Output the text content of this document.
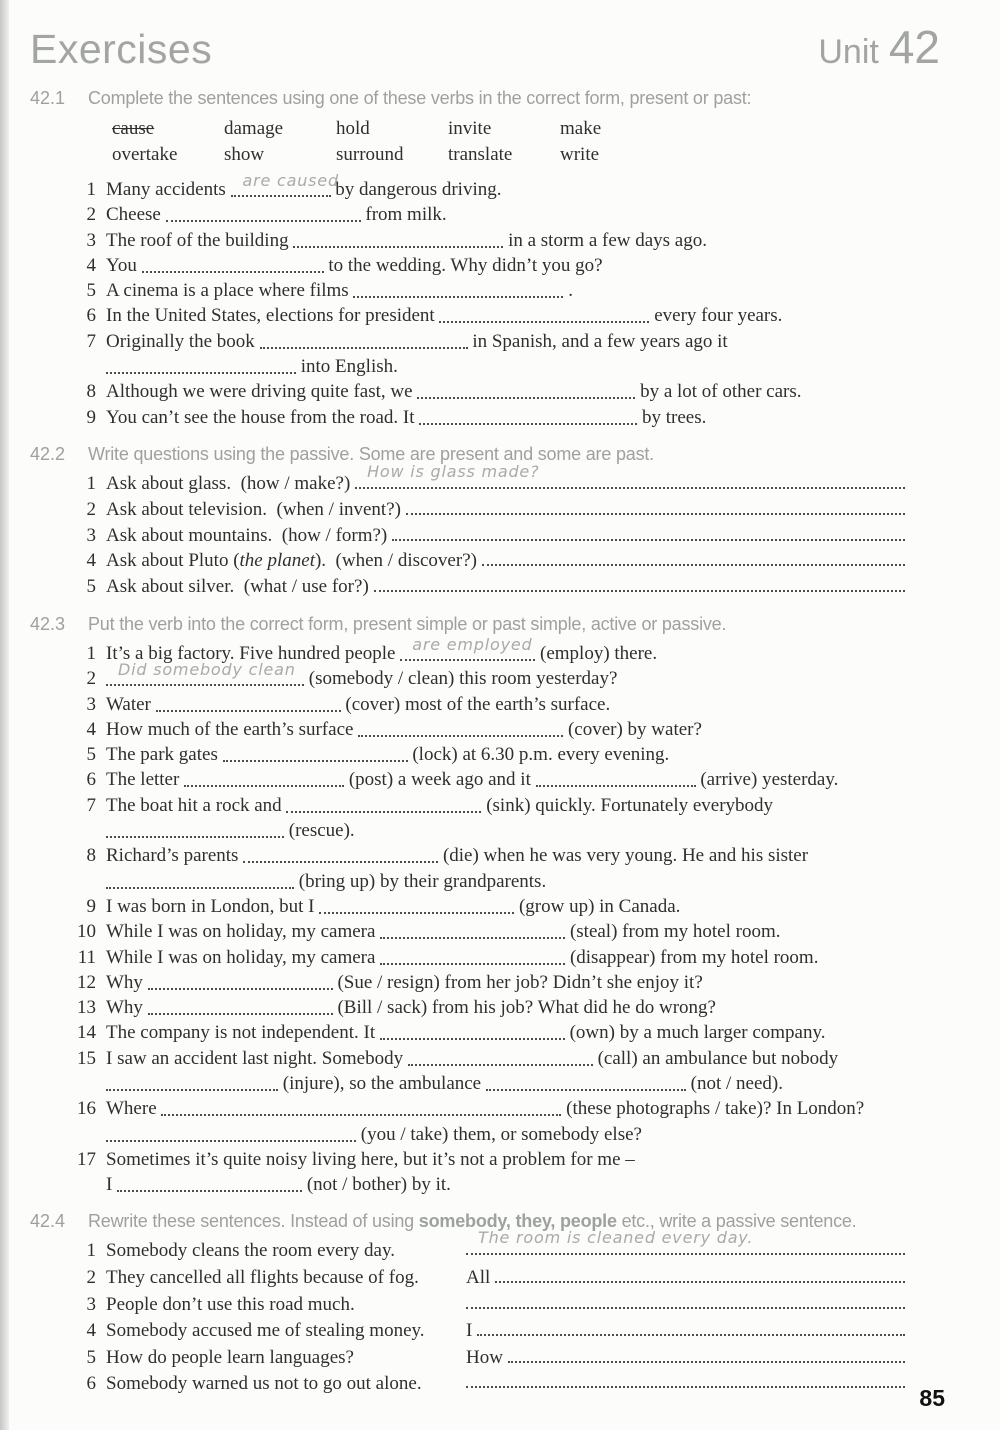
Exercises	Unit 42
42.1	Complete the sentences using one of these verbs in the correct form, present or past:
cause	damage	hold	invite	make
overtake	show	surround	translate	write
1 Many accidents are caused
by dangerous driving.
2 Cheese	from milk.
3 The roof of the building	in a storm a few days ago.
4 You	to the wedding. Why didn’t you go?
5 A cinema is a place where films	.
6 In the United States, elections for president	every four years.
7 Originally the book	in Spanish, and a few years ago it
into English.
8 Although we were driving quite fast, we	by a lot of other cars.
9 You can’t see the house from the road. It	by trees.
42.2	Write questions using the passive. Some are present and some are past.
1 Ask about glass.  (how / make?)
How is glass made?
2 Ask about television.  (when / invent?)
3 Ask about mountains.  (how / form?)
4 Ask about Pluto ( the planet ).  (when / discover?)
5 Ask about silver.  (what / use for?)
42.3	Put the verb into the correct form, present simple or past simple, active or passive.
1 It’s a big factory. Five hundred people are employed (employ) there.
2	Did somebody clean (somebody / clean) this room yesterday?
3 Water	(cover) most of the earth’s surface.
4 How much of the earth’s surface	(cover) by water?
5 The park gates	(lock) at 6.30 p.m. every evening.
6 The letter	(post) a week ago and it	(arrive) yesterday.
7 The boat hit a rock and	(sink) quickly. Fortunately everybody
(rescue).
8 Richard’s parents	(die) when he was very young. He and his sister
(bring up) by their grandparents.
9 I was born in London, but I	(grow up) in Canada.
10 While I was on holiday, my camera	(steal) from my hotel room.
11 While I was on holiday, my camera	(disappear) from my hotel room.
12 Why	(Sue / resign) from her job? Didn’t she enjoy it?
13 Why	(Bill / sack) from his job? What did he do wrong?
14 The company is not independent. It	(own) by a much larger company.
15 I saw an accident last night. Somebody	(call) an ambulance but nobody
(injure), so the ambulance	(not / need).
16 Where	(these photographs / take)? In London?
(you / take) them, or somebody else?
17 Sometimes it’s quite noisy living here, but it’s not a problem for me –
I	(not / bother) by it.
42.4	Rewrite these sentences. Instead of using somebody, they, people etc., write a passive sentence.
1 Somebody cleans the room every day.
The room is cleaned every day.
2 They cancelled all flights because of fog.	All
3 People don’t use this road much.
4 Somebody accused me of stealing money.	I
5 How do people learn languages?	How
6 Somebody warned us not to go out alone.
85
